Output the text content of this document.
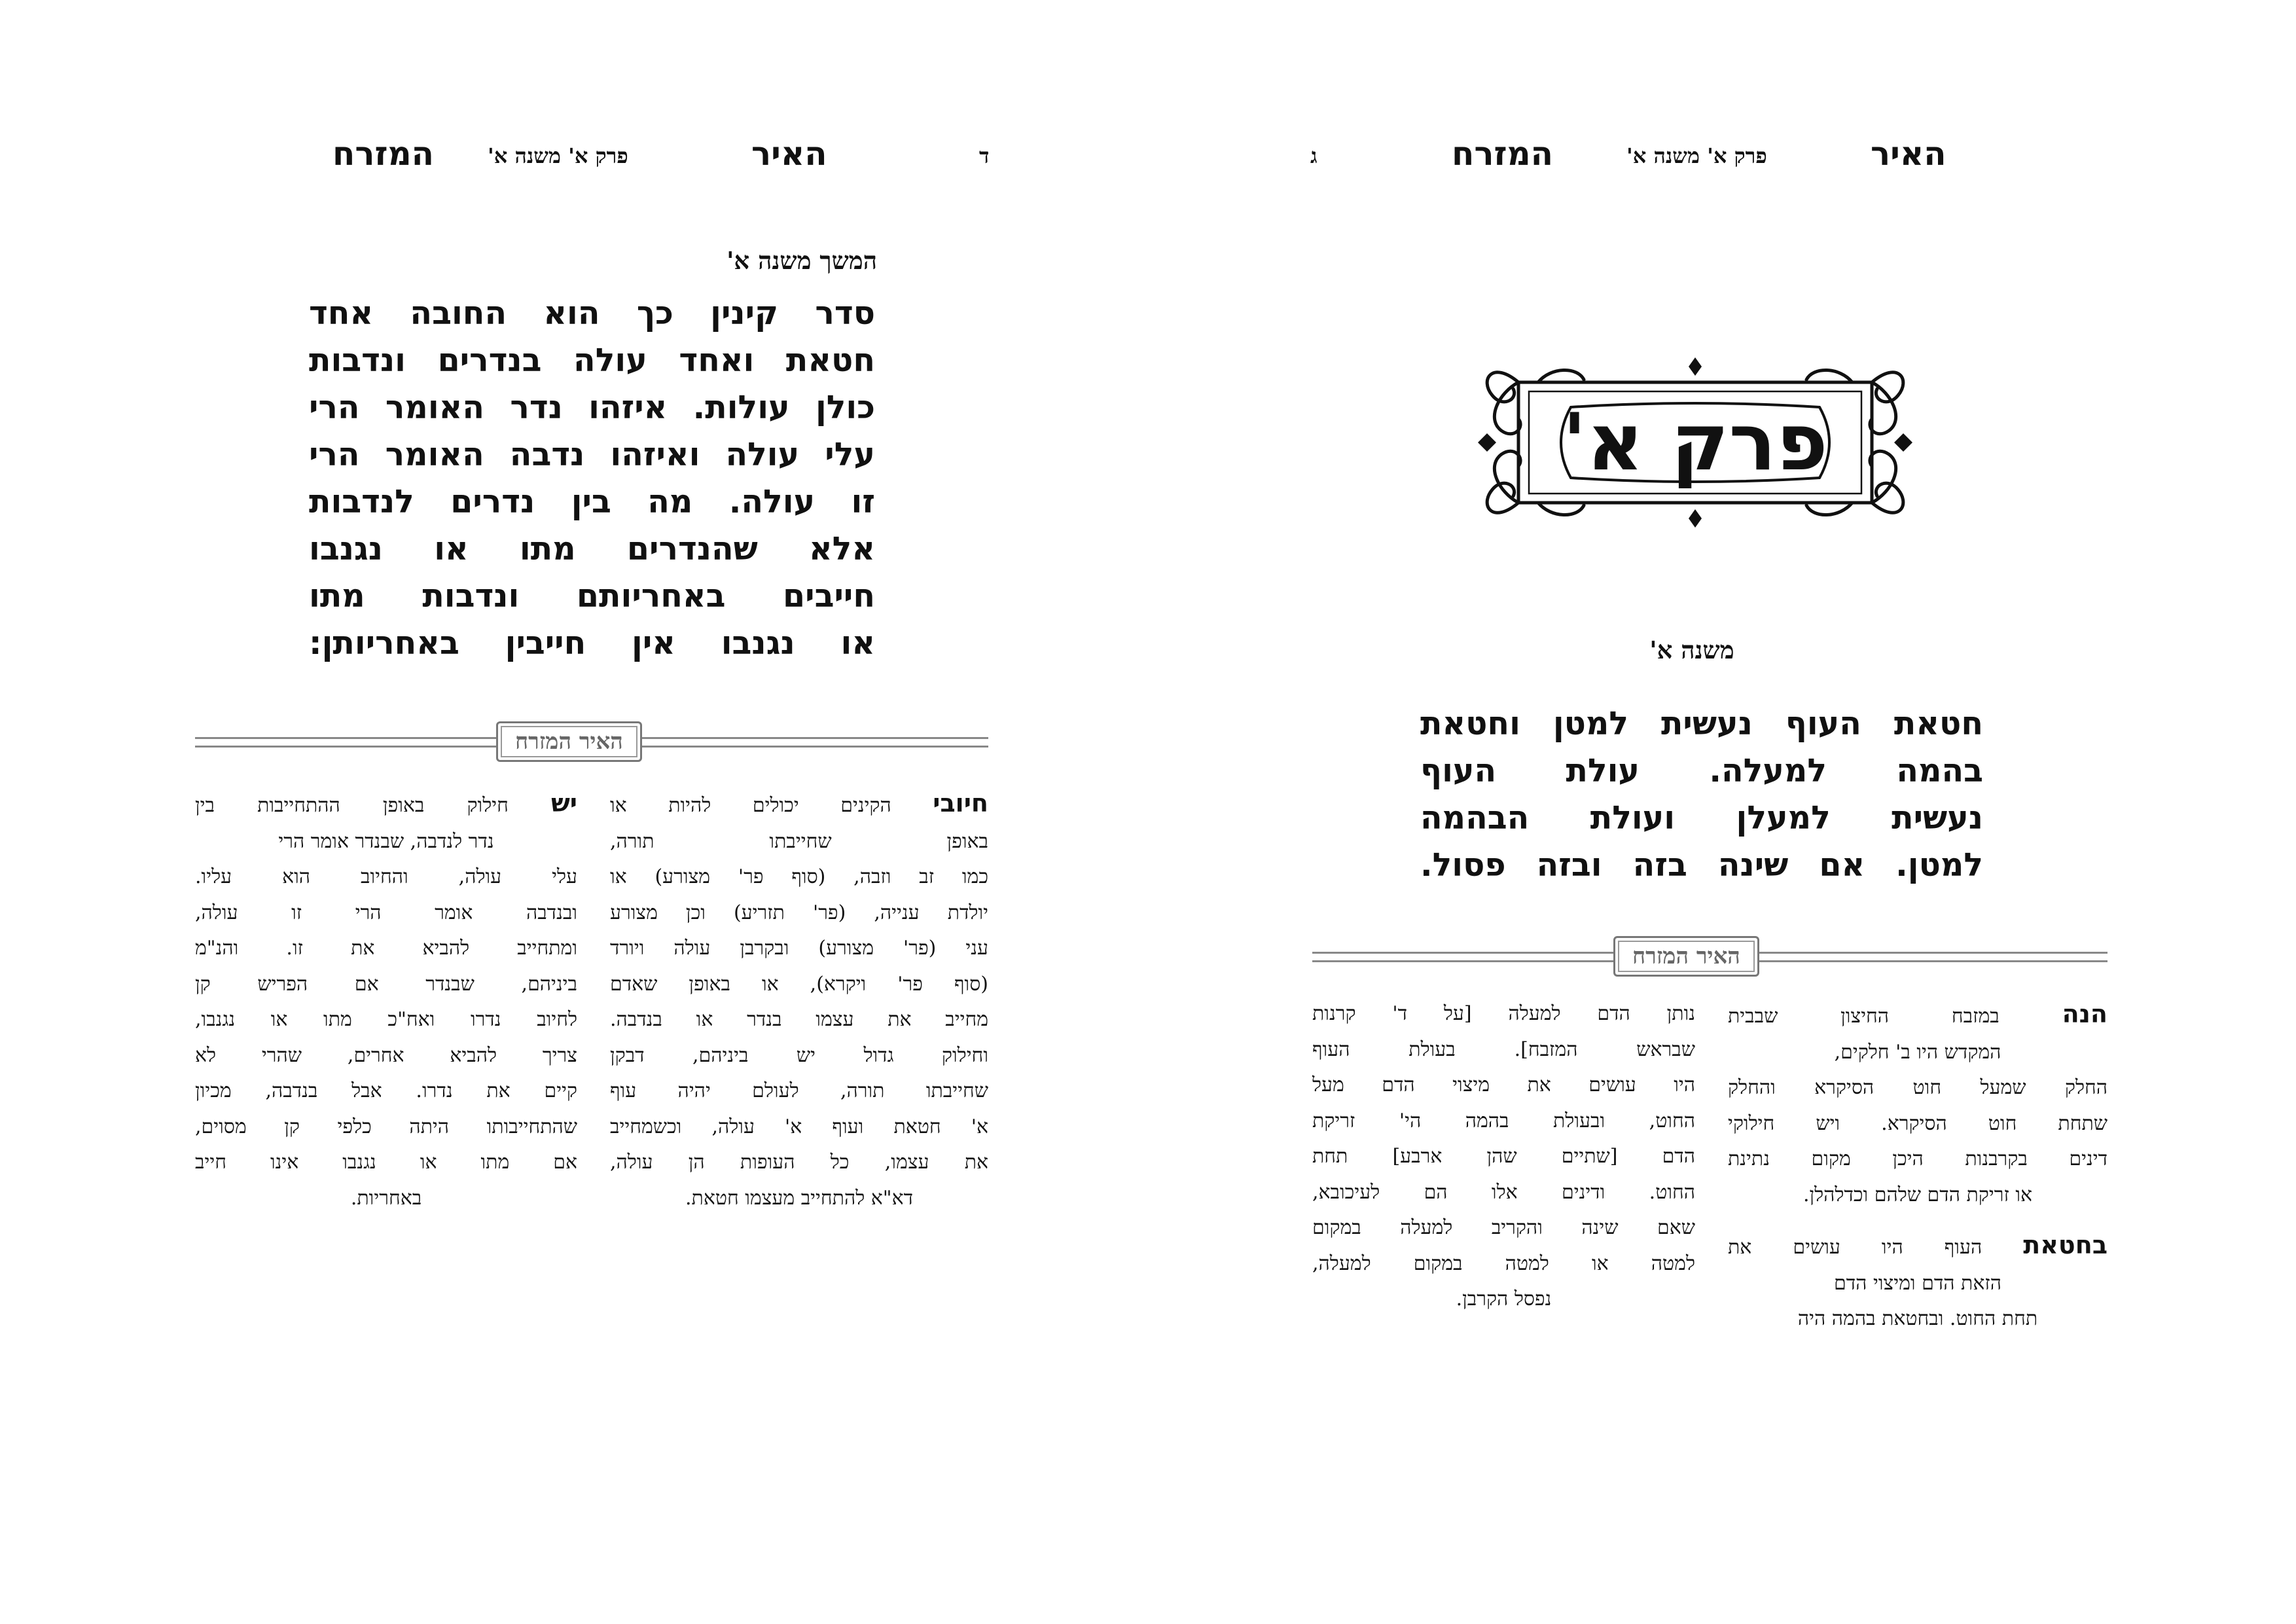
המזרח	פרק א' משנה א'	האיר	ד
המשך משנה א'
סדר קינין כך הוא החובה אחד
חטאת ואחד עולה בנדרים ונדבות
כולן עולות. איזהו נדר האומר הרי
עלי עולה ואיזהו נדבה האומר הרי
זו עולה. מה בין נדרים לנדבות
אלא שהנדרים מתו או נגנבו
חייבים באחריותם ונדבות מתו
או נגנבו אין חייבין באחריותן:
האיר המזרח
חיובי הקינים יכולים להיות או
באופן שחייבתו תורה,
כמו זב וזבה, (סוף פר' מצורע) או
יולדת ענייה, (פר' תזריע) וכן מצורע
עני (פר' מצורע) ובקרבן עולה ויורד
(סוף פר' ויקרא), או באופן שאדם
מחייב את עצמו בנדר או בנדבה.
וחילוק גדול יש ביניהם, דבקן
שחייבתו תורה, לעולם יהיה עוף
א' חטאת ועוף א' עולה, וכשמחייב
את עצמו, כל העופות הן עולה,
דא"א להתחייב מעצמו חטאת.
יש חילוק באופן ההתחייבות בין
נדר לנדבה, שבנדר אומר הרי
עלי עולה, והחיוב הוא עליו.
ובנדבה אומר הרי זו עולה,
ומתחייב להביא את זו. והנ"מ
ביניהם, שבנדר אם הפריש קן
לחיוב נדרו ואח"כ מתו או נגנבו,
צריך להביא אחרים, שהרי לא
קיים את נדרו. אבל בנדבה, מכיון
שהתחייבותו היתה כלפי קן מסוים,
אם מתו או נגנבו אינו חייב
באחריות.
ג	המזרח	פרק א' משנה א'	האיר
פרק א'
משנה א'
חטאת העוף נעשית למטן וחטאת
בהמה למעלה. עולת העוף
נעשית למעלן ועולת הבהמה
למטן. אם שינה בזה ובזה פסול.
האיר המזרח
הנה במזבח החיצון שבבית
המקדש היו ב' חלקים,
החלק שמעל חוט הסיקרא והחלק
שתחת חוט הסיקרא. ויש חילוקי
דינים בקרבנות היכן מקום נתינת
או זריקת הדם שלהם וכדלהלן.
בחטאת העוף היו עושים את
הזאת הדם ומיצוי הדם
תחת החוט. ובחטאת בהמה היה
נותן הדם למעלה [על ד' קרנות
שבראש המזבח]. בעולת העוף
היו עושים את מיצוי הדם מעל
החוט, ובעולת בהמה הי' זריקת
הדם [שתיים שהן ארבע] תחת
החוט. ודינים אלו הם לעיכובא,
שאם שינה והקריב למעלה במקום
למטה או למטה במקום למעלה,
נפסל הקרבן.
